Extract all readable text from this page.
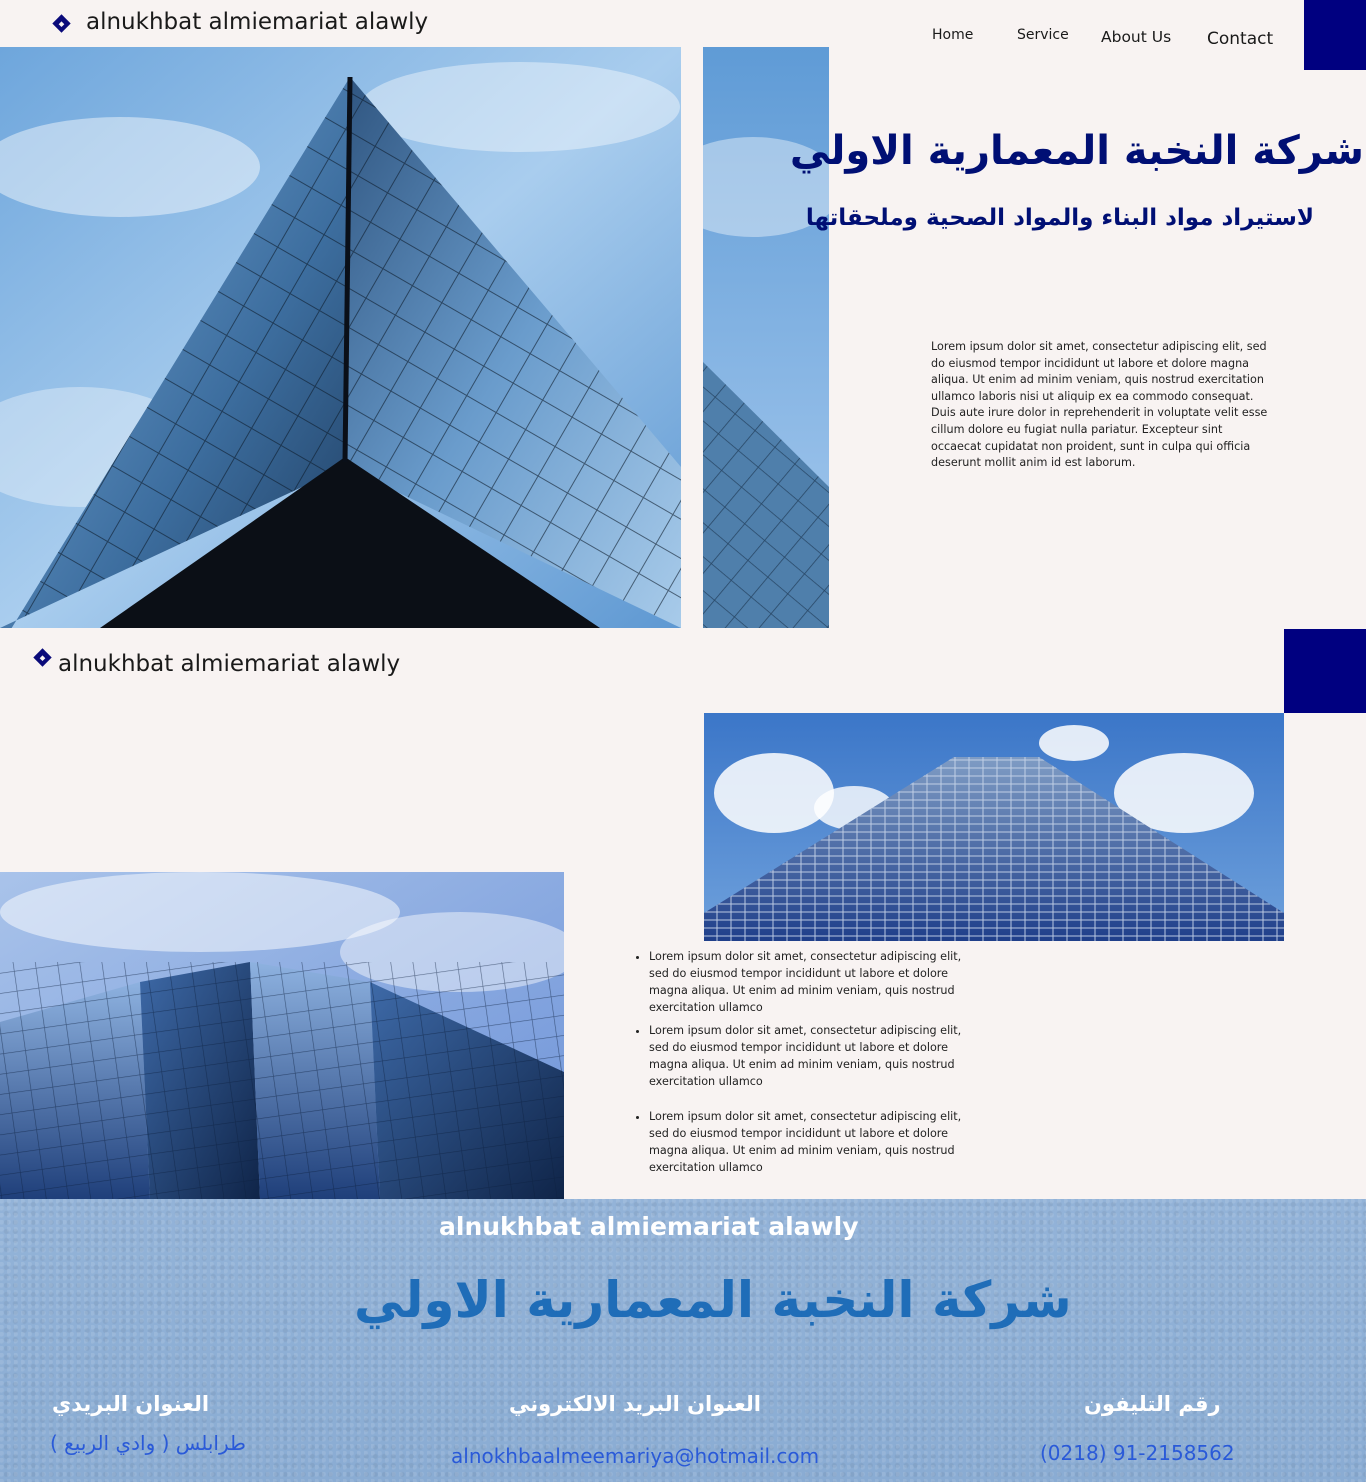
alnukhbat almiemariat alawly	Home	Service About Us Contact
شركة النخبة المعمارية الاولي
لاستيراد مواد البناء والمواد الصحية وملحقاتها

Lorem ipsum dolor sit amet, consectetur adipiscing elit, sed do eiusmod tempor incididunt ut labore et dolore magna aliqua. Ut enim ad minim veniam, quis nostrud exercitation ullamco laboris nisi ut aliquip ex ea commodo consequat. Duis aute irure dolor in reprehenderit in voluptate velit esse cillum dolore eu fugiat nulla pariatur. Excepteur sint occaecat cupidatat non proident, sunt in culpa qui officia deserunt mollit anim id est laborum.

alnukhbat almiemariat alawly
• Lorem ipsum dolor sit amet, consectetur adipiscing elit, sed do eiusmod tempor incididunt ut labore et dolore magna aliqua. Ut enim ad minim veniam, quis nostrud exercitation ullamco
• Lorem ipsum dolor sit amet, consectetur adipiscing elit, sed do eiusmod tempor incididunt ut labore et dolore magna aliqua. Ut enim ad minim veniam, quis nostrud exercitation ullamco
• Lorem ipsum dolor sit amet, consectetur adipiscing elit, sed do eiusmod tempor incididunt ut labore et dolore magna aliqua. Ut enim ad minim veniam, quis nostrud exercitation ullamco
alnukhbat almiemariat alawly
شركة النخبة المعمارية الاولي
العنوان البريدي
طرابلس ( وادي الربيع )
العنوان البريد الالكتروني
alnokhbaalmeemariya@hotmail.com
رقم التليفون
(0218) 91-2158562
